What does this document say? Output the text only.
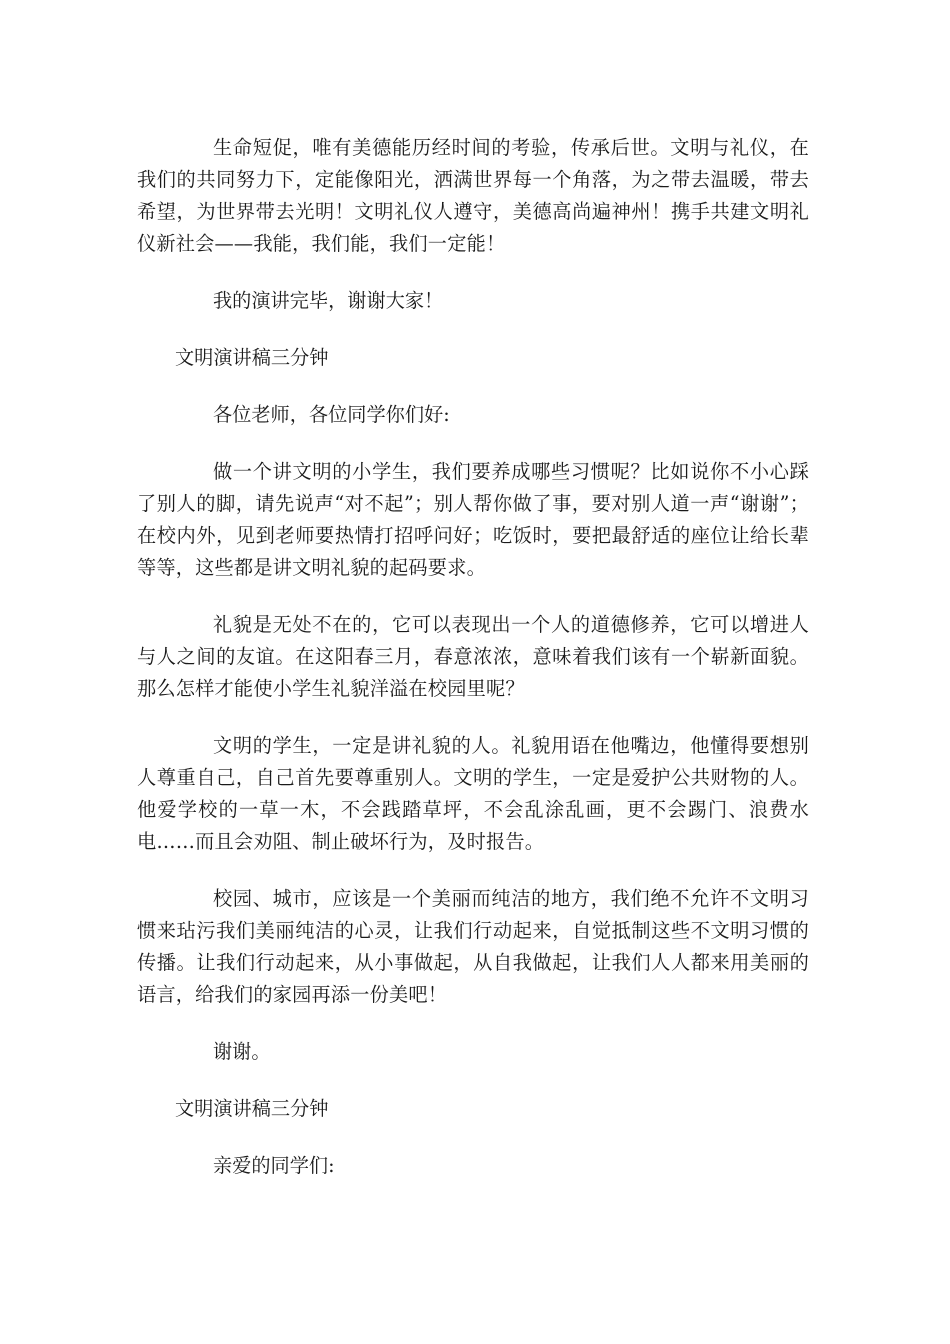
生命短促，唯有美德能历经时间的考验，传承后世。文明与礼仪，在我们的共同努力下，定能像阳光，洒满世界每一个角落，为之带去温暖，带去希望，为世界带去光明！文明礼仪人遵守，美德高尚遍神州！携手共建文明礼仪新社会——我能，我们能，我们一定能！

我的演讲完毕，谢谢大家！

文明演讲稿三分钟

各位老师，各位同学你们好:

做一个讲文明的小学生，我们要养成哪些习惯呢？比如说你不小心踩了别人的脚，请先说声“对不起”；别人帮你做了事，要对别人道一声“谢谢”；在校内外，见到老师要热情打招呼问好；吃饭时，要把最舒适的座位让给长辈等等，这些都是讲文明礼貌的起码要求。

礼貌是无处不在的，它可以表现出一个人的道德修养，它可以增进人与人之间的友谊。在这阳春三月，春意浓浓，意味着我们该有一个崭新面貌。那么怎样才能使小学生礼貌洋溢在校园里呢？

文明的学生，一定是讲礼貌的人。礼貌用语在他嘴边，他懂得要想别人尊重自己，自己首先要尊重别人。文明的学生，一定是爱护公共财物的人。他爱学校的一草一木，不会践踏草坪，不会乱涂乱画，更不会踢门、浪费水电……而且会劝阻、制止破坏行为，及时报告。

校园、城市，应该是一个美丽而纯洁的地方，我们绝不允许不文明习惯来玷污我们美丽纯洁的心灵，让我们行动起来，自觉抵制这些不文明习惯的传播。让我们行动起来，从小事做起，从自我做起，让我们人人都来用美丽的语言，给我们的家园再添一份美吧！

谢谢。

文明演讲稿三分钟

亲爱的同学们:
